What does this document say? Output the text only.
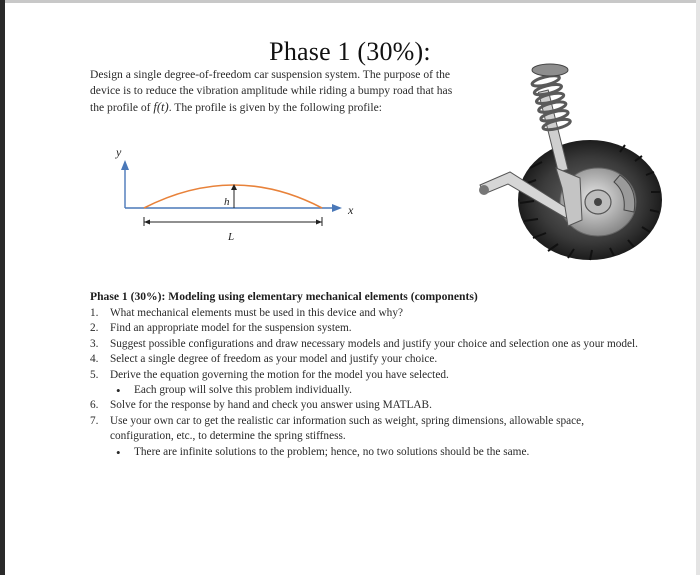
Phase 1 (30%):

Design a single degree-of-freedom car suspension system. The purpose of the device is to reduce the vibration amplitude while riding a bumpy road that has the profile of f(t). The profile is given by the following profile:

y
x
h
L
Phase 1 (30%): Modeling using elementary mechanical elements (components)
1. What mechanical elements must be used in this device and why?
2. Find an appropriate model for the suspension system.
3. Suggest possible configurations and draw necessary models and justify your choice and selection one as your model.
4. Select a single degree of freedom as your model and justify your choice.
5. Derive the equation governing the motion for the model you have selected.
• Each group will solve this problem individually.
6. Solve for the response by hand and check you answer using MATLAB.
7. Use your own car to get the realistic car information such as weight, spring dimensions, allowable space, configuration, etc., to determine the spring stiffness.
• There are infinite solutions to the problem; hence, no two solutions should be the same.
